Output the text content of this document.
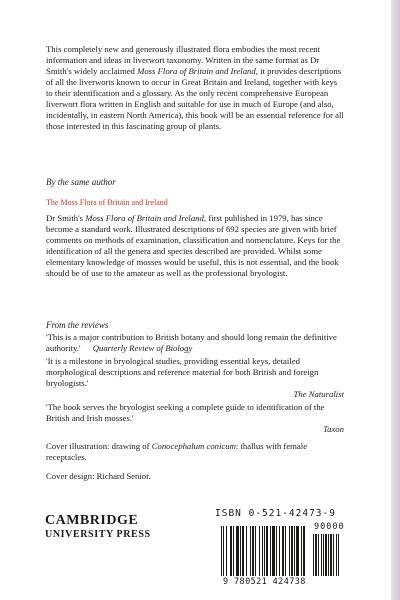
This completely new and generously illustrated flora embodies the most recent information and ideas in liverwort taxonomy. Written in the same format as Dr Smith's widely acclaimed Moss Flora of Britain and Ireland, it provides descriptions of all the liverworts known to occur in Great Britain and Ireland, together with keys to their identification and a glossary. As the only recent comprehensive European liverwort flora written in English and suitable for use in much of Europe (and also, incidentally, in eastern North America), this book will be an essential reference for all those interested in this fascinating group of plants.

By the same author

The Moss Flora of Britain and Ireland

Dr Smith's Moss Flora of Britain and Ireland, first published in 1979, has since become a standard work. Illustrated descriptions of 692 species are given with brief comments on methods of examination, classification and nomenclature. Keys for the identification of all the genera and species described are provided. Whilst some elementary knowledge of mosses would be useful, this is not essential, and the book should be of use to the amateur as well as the professional bryologist.

From the reviews

'This is a major contribution to British botany and should long remain the definitive authority.' Quarterly Review of Biology

'It is a milestone in bryological studies, providing essential keys, detailed morphological descriptions and reference material for both British and foreign bryologists.'
The Naturalist

'The book serves the bryologist seeking a complete guide to identification of the British and Irish mosses.'
Taxon

Cover illustration: drawing of Conocephalum conicum: thallus with female receptacles.

Cover design: Richard Senior.

CAMBRIDGE
UNIVERSITY PRESS
ISBN 0-521-42473-9
90000
9 780521 424738
